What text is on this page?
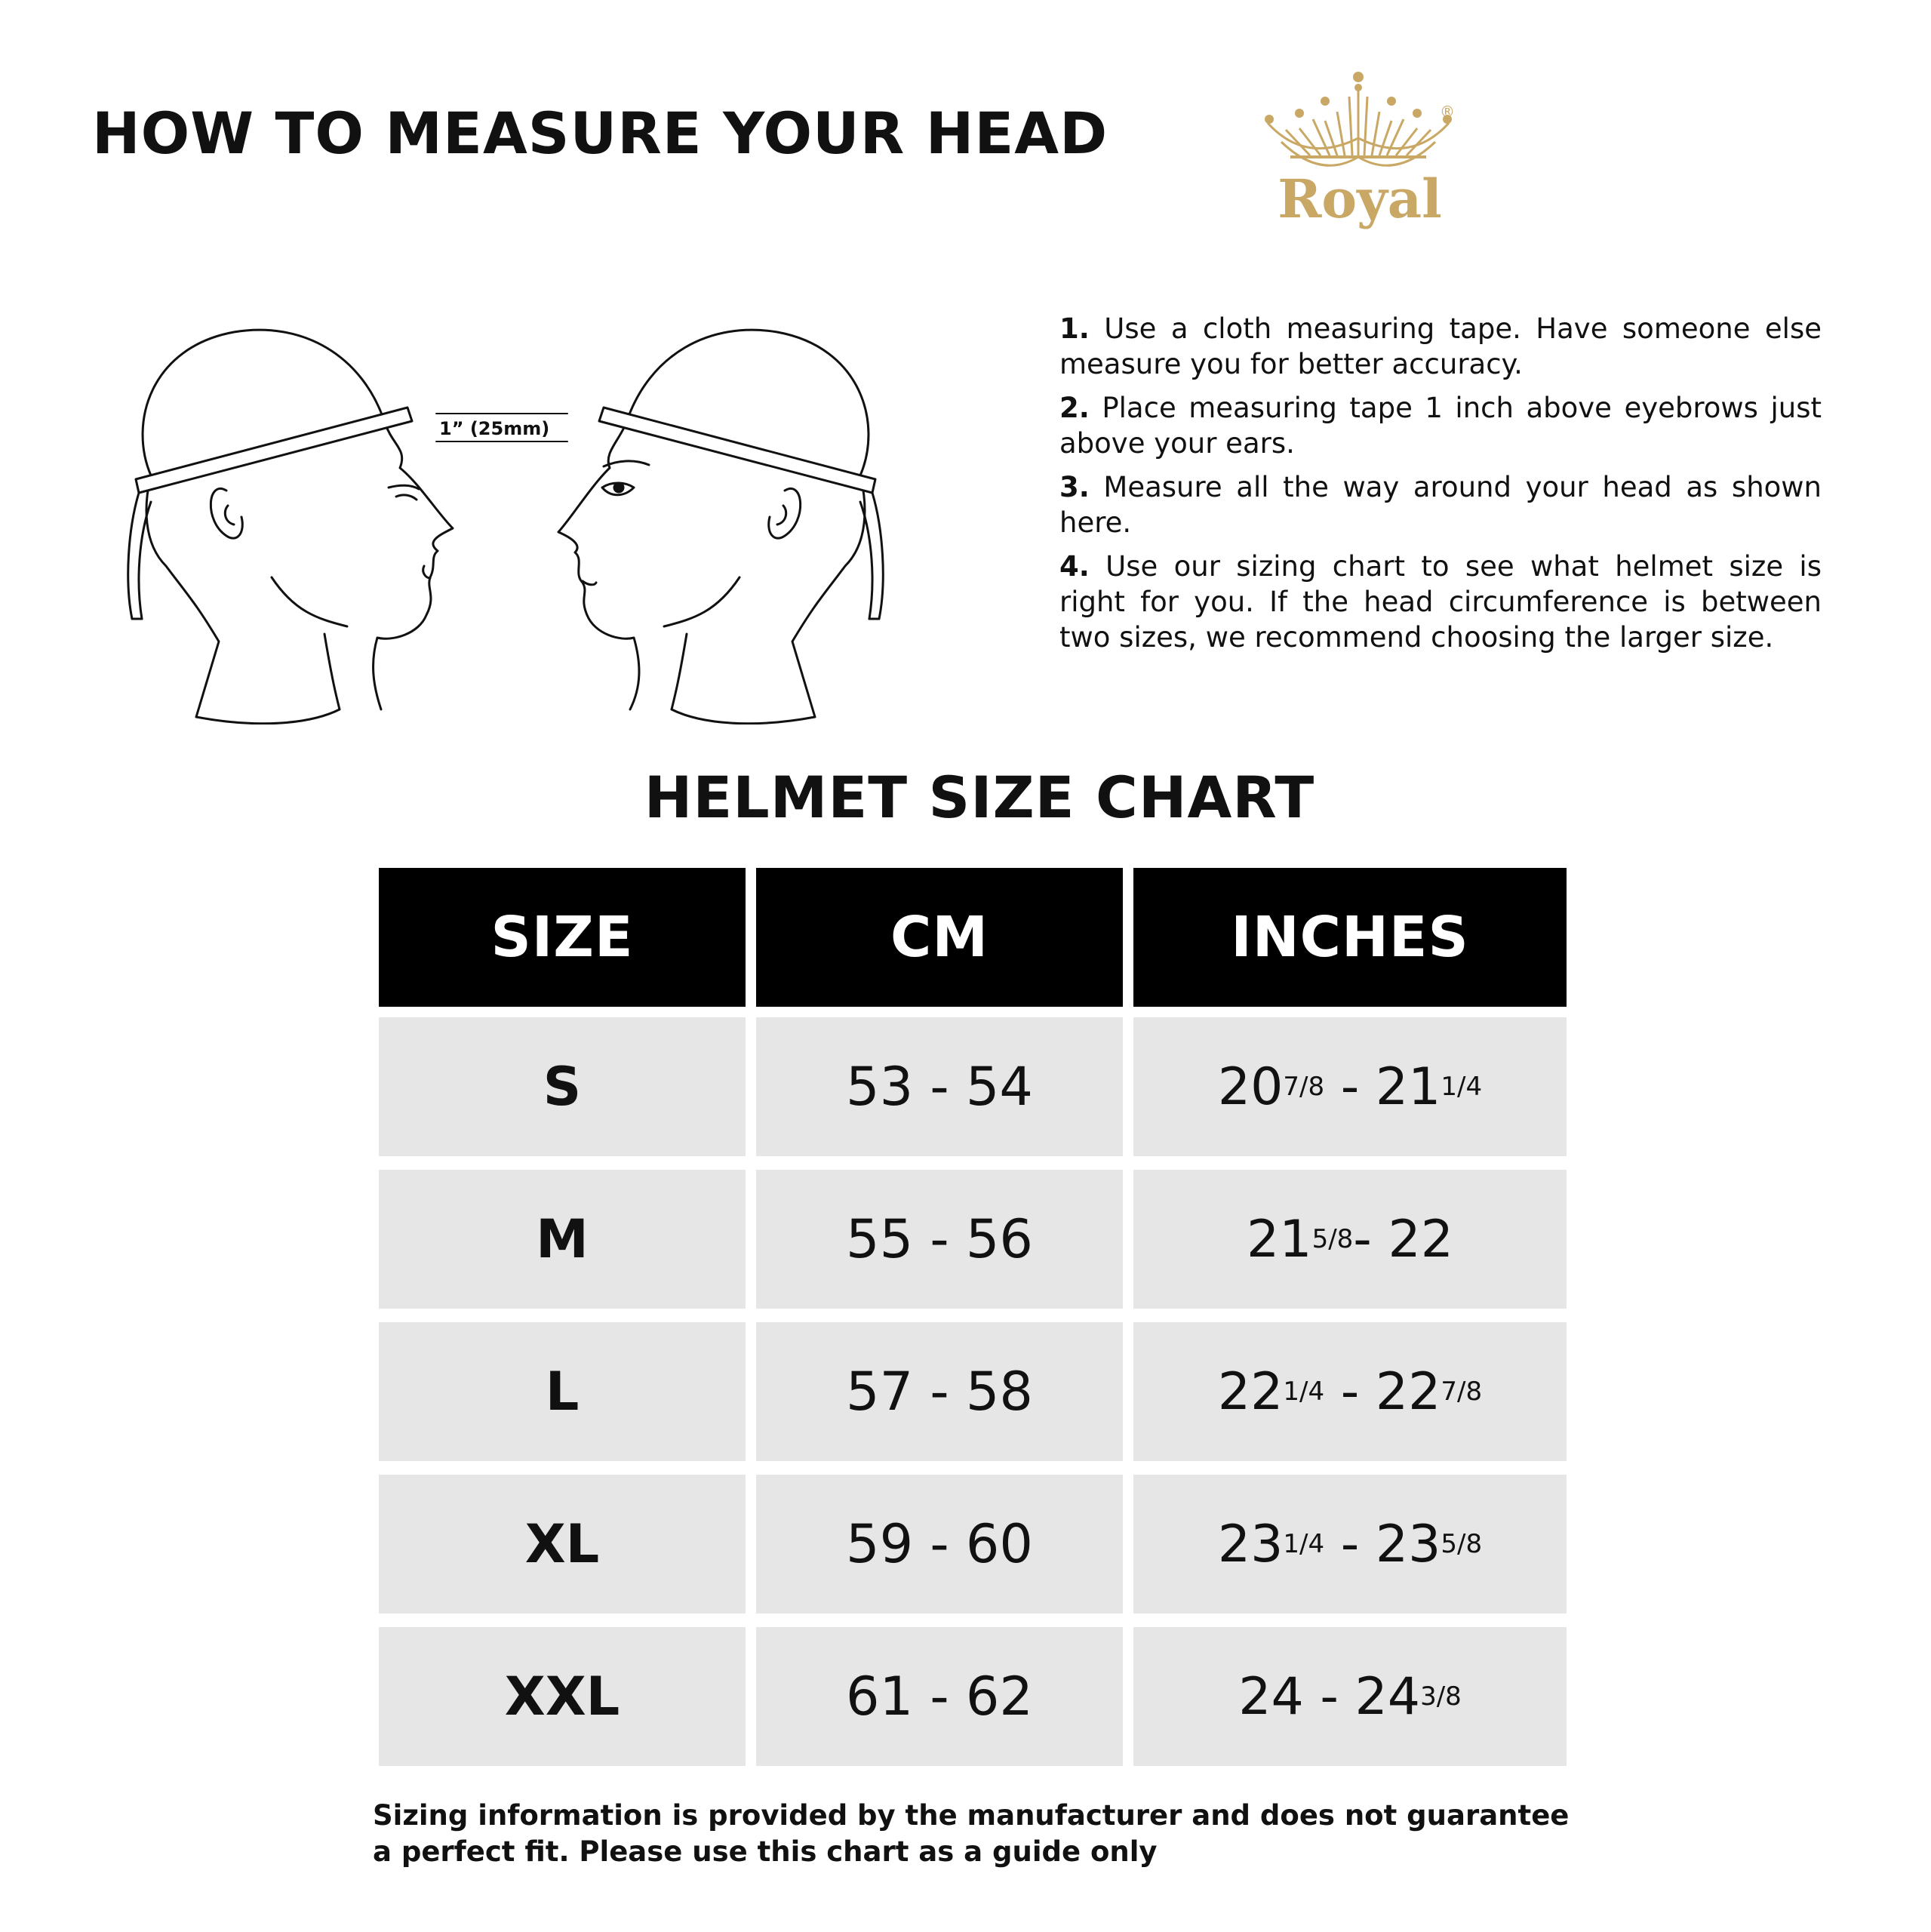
HOW TO MEASURE YOUR HEAD
Royal
®
1” (25mm)
1. Use a cloth measuring tape. Have someone else measure you for better accuracy.
2. Place measuring tape 1 inch above eyebrows just above your ears.
3. Measure all the way around your head as shown here.
4. Use our sizing chart to see what helmet size is right for you. If the head circumference is between two sizes, we recommend choosing the larger size.
HELMET SIZE CHART
SIZE	CM	INCHES
S	53 - 54	20 7/8 - 21 1/4
M	55 - 56	21 5/8 - 22
L	57 - 58	22 1/4 - 22 7/8
XL	59 - 60	23 1/4 - 23 5/8
XXL	61 - 62	24 - 24 3/8
Sizing information is provided by the manufacturer and does not guarantee a perfect fit. Please use this chart as a guide only
